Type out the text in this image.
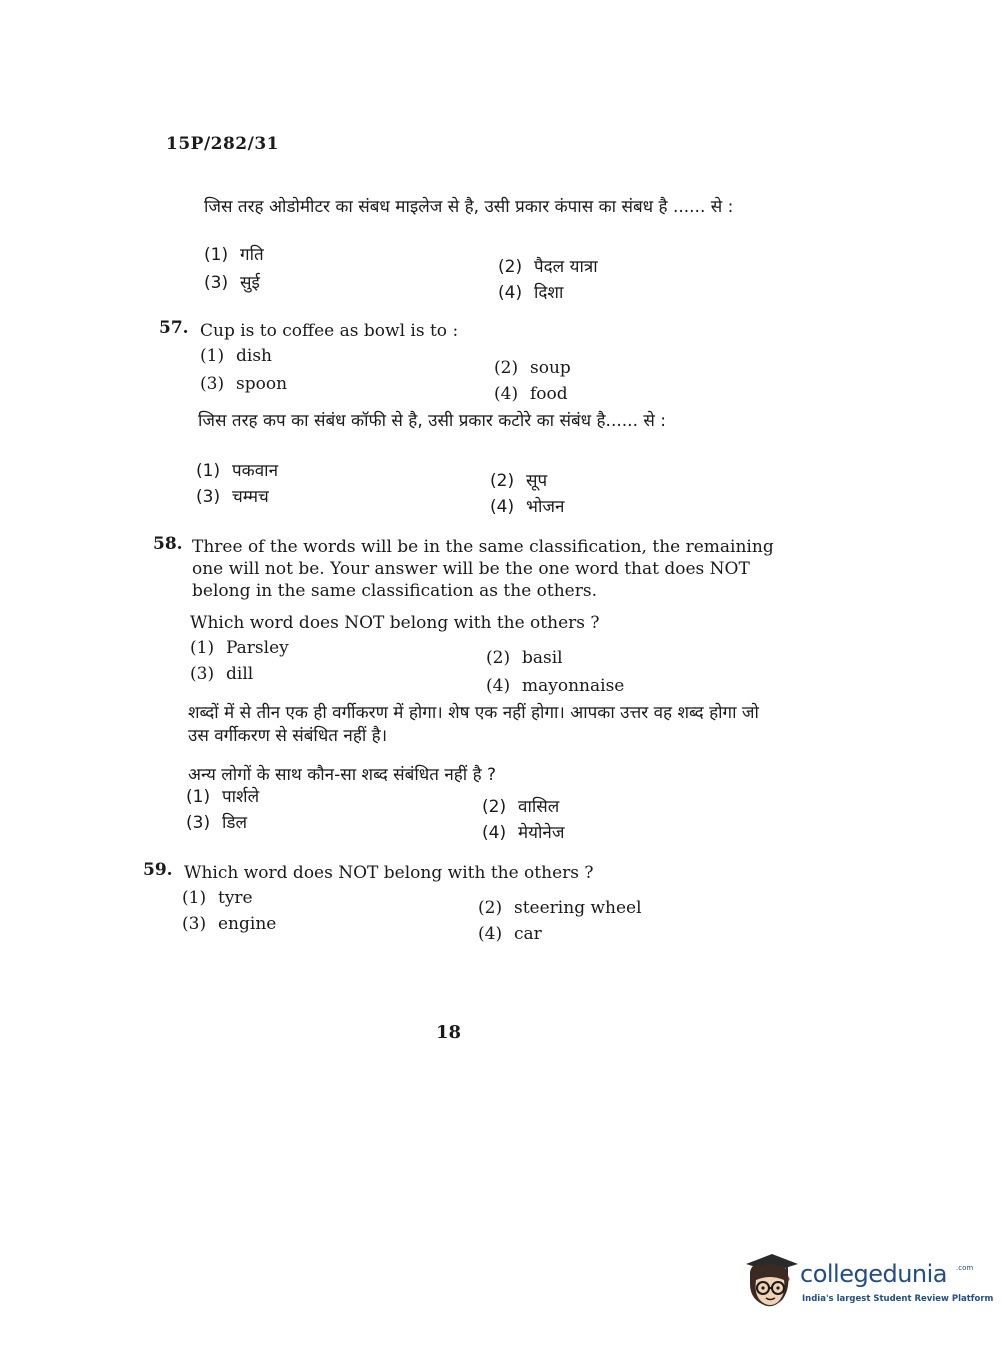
15P/282/31
जिस तरह ओडोमीटर का संबध माइलेज से है, उसी प्रकार कंपास का संबध है ...... से :
(1) गति
(2) पैदल यात्रा
(3) सुई	(4) दिशा
57. Cup is to coffee as bowl is to :
(1) dish
(2) soup
(3) spoon	(4) food
जिस तरह कप का संबंध कॉफी से है, उसी प्रकार कटोरे का संबंध है...... से :
(1) पकवान	(2) सूप
(3) चम्मच	(4) भोजन
58. Three of the words will be in the same classification, the remaining one will not be. Your answer will be the one word that does NOT belong in the same classification as the others.
Which word does NOT belong with the others ?
(1) Parsley	(2) basil
(3) dill
(4) mayonnaise
शब्दों में से तीन एक ही वर्गीकरण में होगा। शेष एक नहीं होगा। आपका उत्तर वह शब्द होगा जो उस वर्गीकरण से संबंधित नहीं है।
अन्य लोगों के साथ कौन-सा शब्द संबंधित नहीं है ?
(1) पार्शले	(2) वासिल
(3) डिल	(4) मेयोनेज
59. Which word does NOT belong with the others ?
(1) tyre	(2) steering wheel
(3) engine	(4) car
18
collegedunia .com
India's largest Student Review Platform
